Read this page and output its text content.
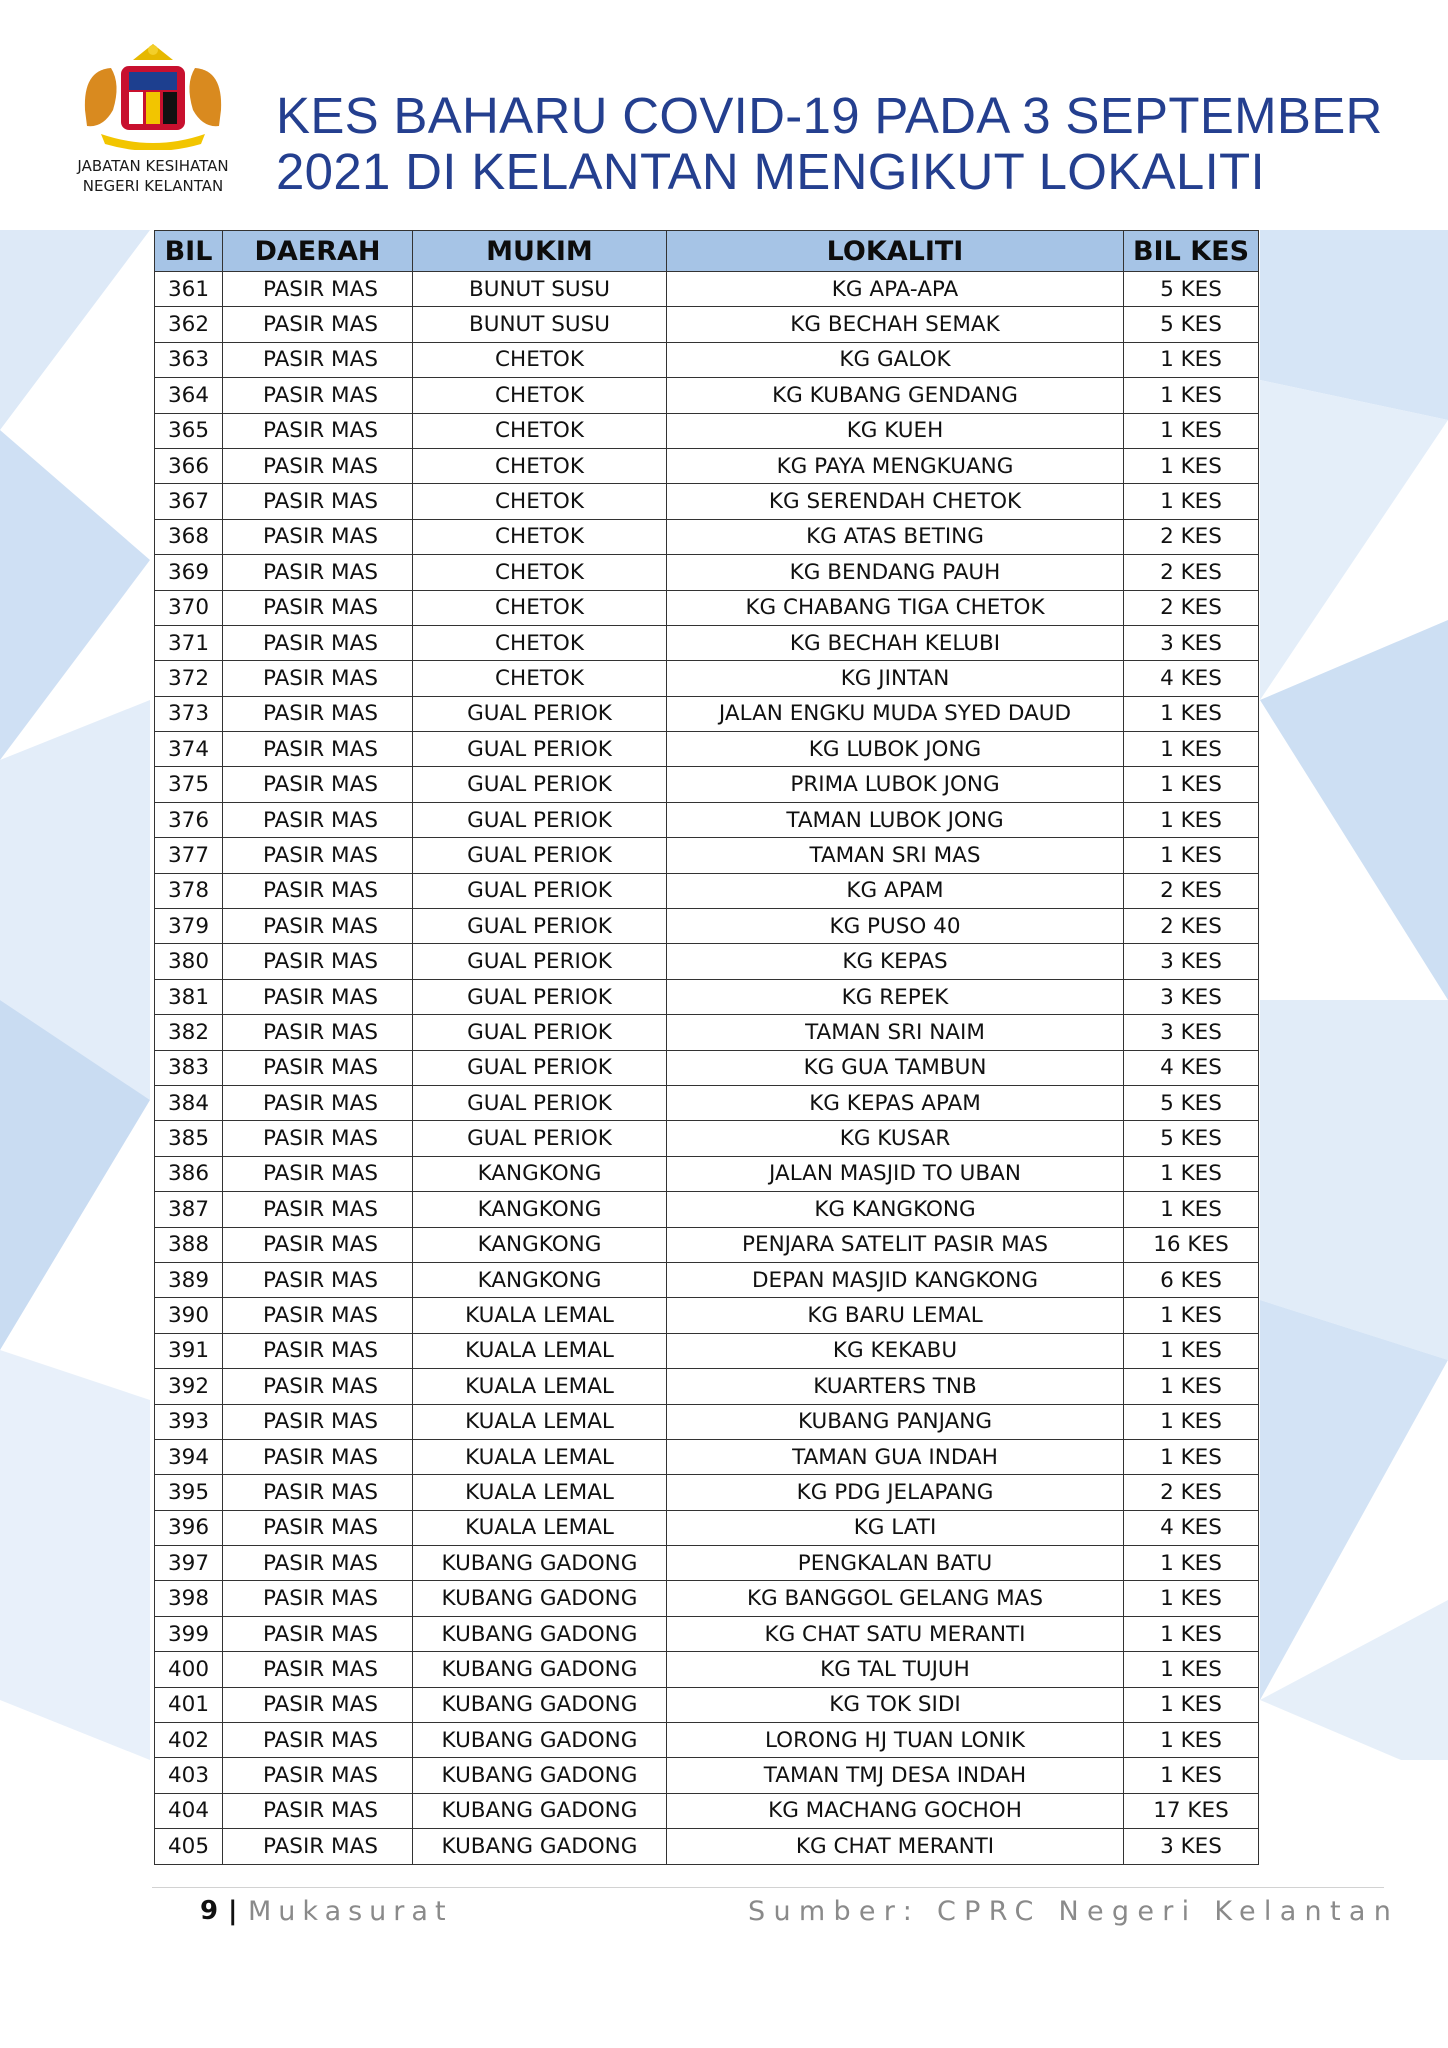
JABATAN KESIHATAN
NEGERI KELANTAN
KES BAHARU COVID-19 PADA 3 SEPTEMBER
2021 DI KELANTAN MENGIKUT LOKALITI
BIL	DAERAH	MUKIM	LOKALITI	BIL KES
361	PASIR MAS	BUNUT SUSU	KG APA-APA	5 KES
362	PASIR MAS	BUNUT SUSU	KG BECHAH SEMAK	5 KES
363	PASIR MAS	CHETOK	KG GALOK	1 KES
364	PASIR MAS	CHETOK	KG KUBANG GENDANG	1 KES
365	PASIR MAS	CHETOK	KG KUEH	1 KES
366	PASIR MAS	CHETOK	KG PAYA MENGKUANG	1 KES
367	PASIR MAS	CHETOK	KG SERENDAH CHETOK	1 KES
368	PASIR MAS	CHETOK	KG ATAS BETING	2 KES
369	PASIR MAS	CHETOK	KG BENDANG PAUH	2 KES
370	PASIR MAS	CHETOK	KG CHABANG TIGA CHETOK	2 KES
371	PASIR MAS	CHETOK	KG BECHAH KELUBI	3 KES
372	PASIR MAS	CHETOK	KG JINTAN	4 KES
373	PASIR MAS	GUAL PERIOK	JALAN ENGKU MUDA SYED DAUD	1 KES
374	PASIR MAS	GUAL PERIOK	KG LUBOK JONG	1 KES
375	PASIR MAS	GUAL PERIOK	PRIMA LUBOK JONG	1 KES
376	PASIR MAS	GUAL PERIOK	TAMAN LUBOK JONG	1 KES
377	PASIR MAS	GUAL PERIOK	TAMAN SRI MAS	1 KES
378	PASIR MAS	GUAL PERIOK	KG APAM	2 KES
379	PASIR MAS	GUAL PERIOK	KG PUSO 40	2 KES
380	PASIR MAS	GUAL PERIOK	KG KEPAS	3 KES
381	PASIR MAS	GUAL PERIOK	KG REPEK	3 KES
382	PASIR MAS	GUAL PERIOK	TAMAN SRI NAIM	3 KES
383	PASIR MAS	GUAL PERIOK	KG GUA TAMBUN	4 KES
384	PASIR MAS	GUAL PERIOK	KG KEPAS APAM	5 KES
385	PASIR MAS	GUAL PERIOK	KG KUSAR	5 KES
386	PASIR MAS	KANGKONG	JALAN MASJID TO UBAN	1 KES
387	PASIR MAS	KANGKONG	KG KANGKONG	1 KES
388	PASIR MAS	KANGKONG	PENJARA SATELIT PASIR MAS	16 KES
389	PASIR MAS	KANGKONG	DEPAN MASJID KANGKONG	6 KES
390	PASIR MAS	KUALA LEMAL	KG BARU LEMAL	1 KES
391	PASIR MAS	KUALA LEMAL	KG KEKABU	1 KES
392	PASIR MAS	KUALA LEMAL	KUARTERS TNB	1 KES
393	PASIR MAS	KUALA LEMAL	KUBANG PANJANG	1 KES
394	PASIR MAS	KUALA LEMAL	TAMAN GUA INDAH	1 KES
395	PASIR MAS	KUALA LEMAL	KG PDG JELAPANG	2 KES
396	PASIR MAS	KUALA LEMAL	KG LATI	4 KES
397	PASIR MAS	KUBANG GADONG	PENGKALAN BATU	1 KES
398	PASIR MAS	KUBANG GADONG	KG BANGGOL GELANG MAS	1 KES
399	PASIR MAS	KUBANG GADONG	KG CHAT SATU MERANTI	1 KES
400	PASIR MAS	KUBANG GADONG	KG TAL TUJUH	1 KES
401	PASIR MAS	KUBANG GADONG	KG TOK SIDI	1 KES
402	PASIR MAS	KUBANG GADONG	LORONG HJ TUAN LONIK	1 KES
403	PASIR MAS	KUBANG GADONG	TAMAN TMJ DESA INDAH	1 KES
404	PASIR MAS	KUBANG GADONG	KG MACHANG GOCHOH	17 KES
405	PASIR MAS	KUBANG GADONG	KG CHAT MERANTI	3 KES
9 | Mukasurat	Sumber: CPRC Negeri Kelantan
